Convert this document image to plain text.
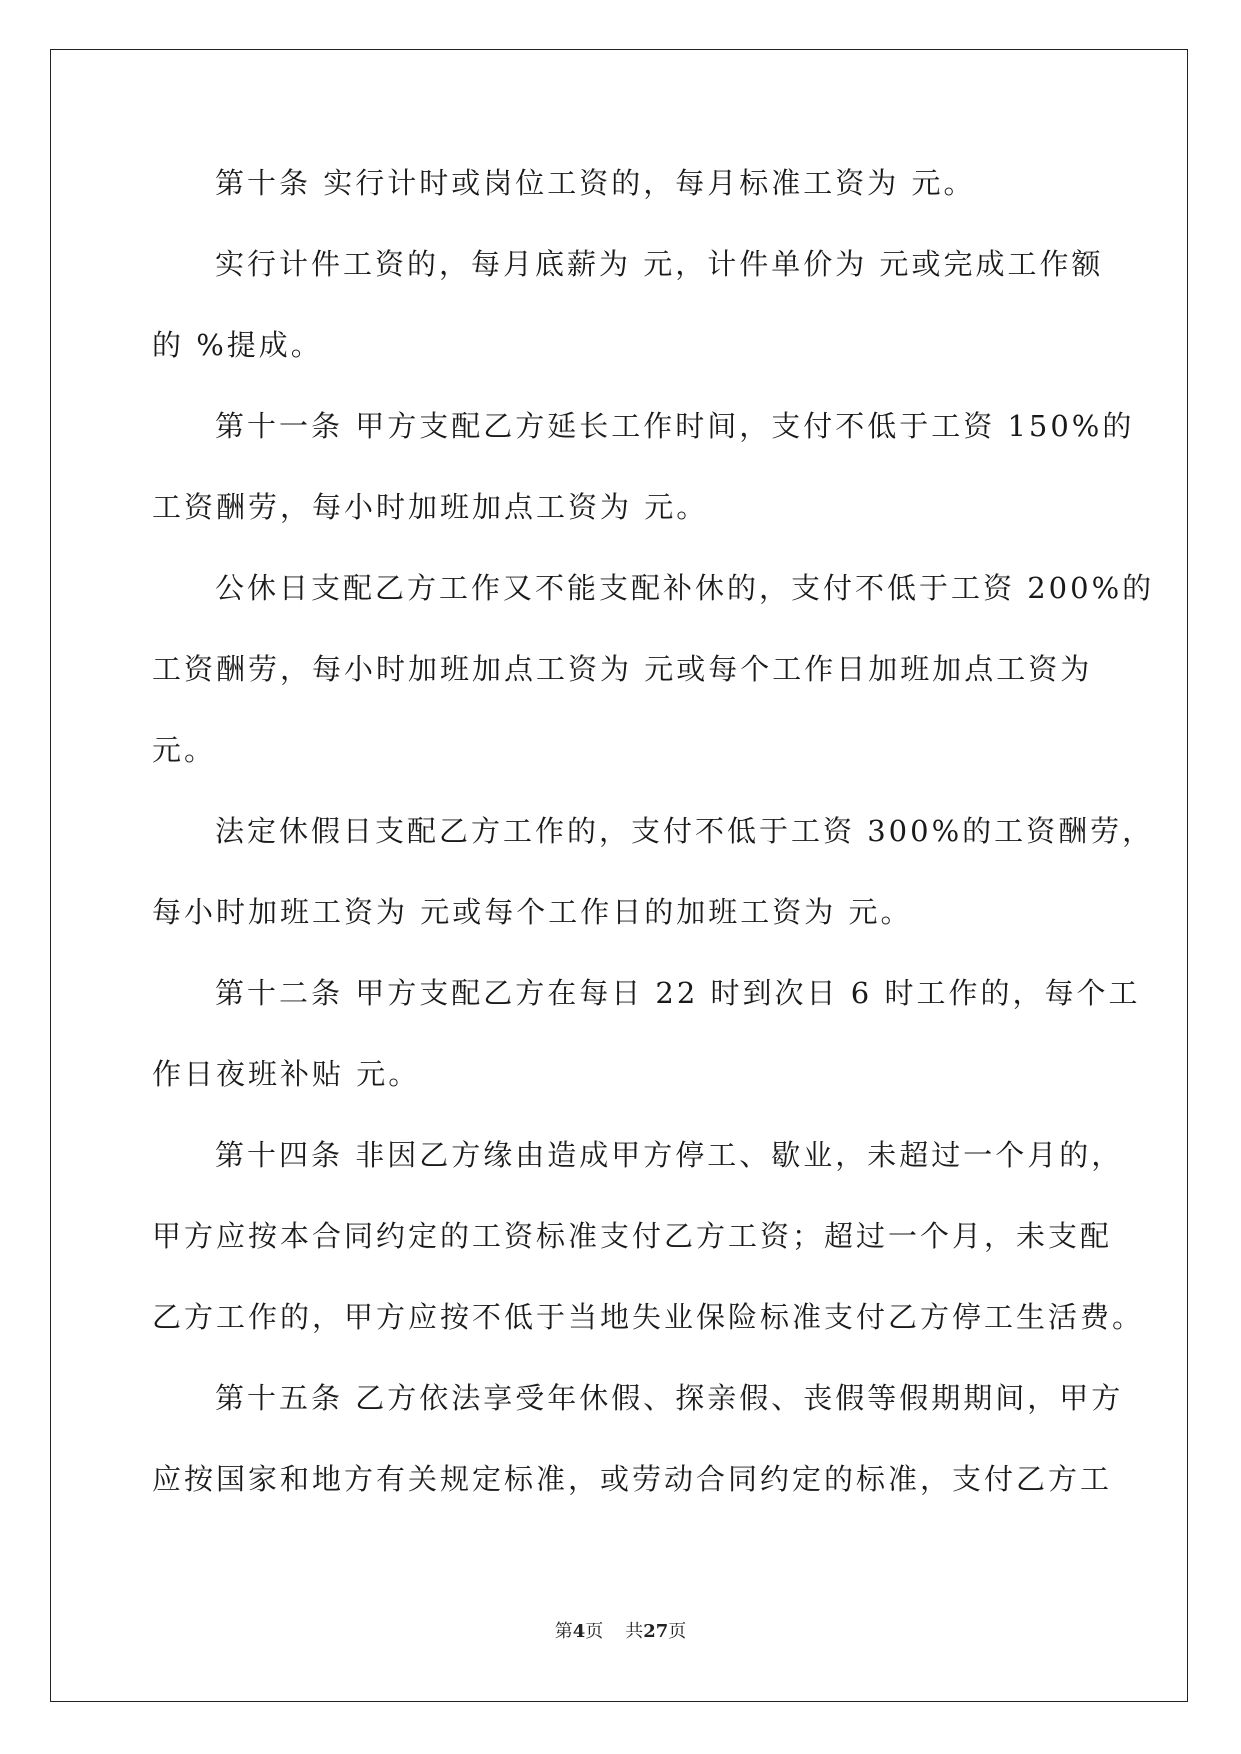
第十条 实行计时或岗位工资的，每月标准工资为 元。
实行计件工资的，每月底薪为 元，计件单价为 元或完成工作额
的 %提成。
第十一条 甲方支配乙方延长工作时间，支付不低于工资 150%的
工资酬劳，每小时加班加点工资为 元。
公休日支配乙方工作又不能支配补休的，支付不低于工资 200%的
工资酬劳，每小时加班加点工资为 元或每个工作日加班加点工资为
元。
法定休假日支配乙方工作的，支付不低于工资 300%的工资酬劳，
每小时加班工资为 元或每个工作日的加班工资为 元。
第十二条 甲方支配乙方在每日 22 时到次日 6 时工作的，每个工
作日夜班补贴 元。
第十四条 非因乙方缘由造成甲方停工、歇业，未超过一个月的，
甲方应按本合同约定的工资标准支付乙方工资；超过一个月，未支配
乙方工作的，甲方应按不低于当地失业保险标准支付乙方停工生活费。
第十五条 乙方依法享受年休假、探亲假、丧假等假期期间，甲方
应按国家和地方有关规定标准，或劳动合同约定的标准，支付乙方工
第4页 共27页
